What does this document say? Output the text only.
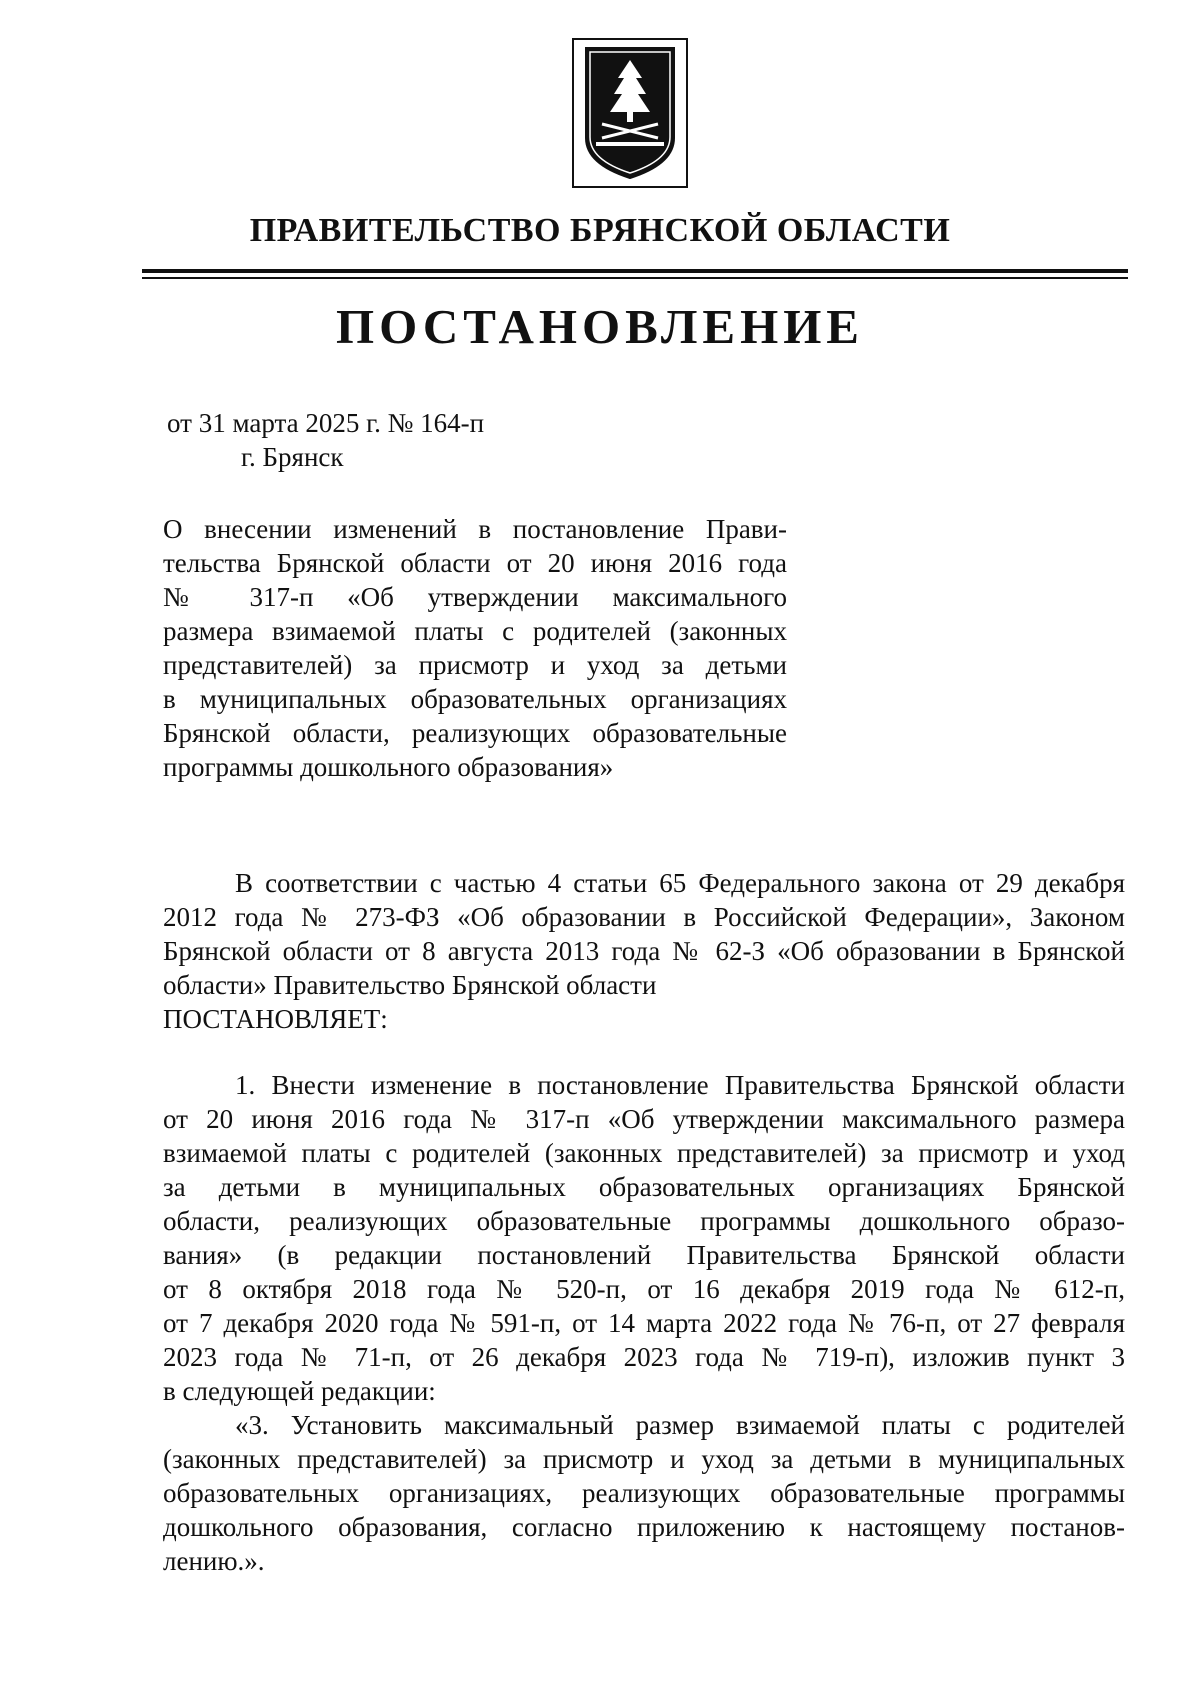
ПРАВИТЕЛЬСТВО БРЯНСКОЙ ОБЛАСТИ
ПОСТАНОВЛЕНИЕ
от 31 марта 2025 г. № 164-п
г. Брянск
О внесении изменений в постановление Прави-
тельства Брянской области от 20 июня 2016 года
№ 317-п «Об утверждении максимального
размера взимаемой платы с родителей (законных
представителей) за присмотр и уход за детьми
в муниципальных образовательных организациях
Брянской области, реализующих образовательные
программы дошкольного образования»
В соответствии с частью 4 статьи 65 Федерального закона от 29 декабря
2012 года № 273-ФЗ «Об образовании в Российской Федерации», Законом
Брянской области от 8 августа 2013 года № 62-З «Об образовании в Брянской
области» Правительство Брянской области
ПОСТАНОВЛЯЕТ:
1. Внести изменение в постановление Правительства Брянской области
от 20 июня 2016 года № 317-п «Об утверждении максимального размера
взимаемой платы с родителей (законных представителей) за присмотр и уход
за детьми в муниципальных образовательных организациях Брянской
области, реализующих образовательные программы дошкольного образо-
вания» (в редакции постановлений Правительства Брянской области
от 8 октября 2018 года № 520-п, от 16 декабря 2019 года № 612-п,
от 7 декабря 2020 года № 591-п, от 14 марта 2022 года № 76-п, от 27 февраля
2023 года № 71-п, от 26 декабря 2023 года № 719-п), изложив пункт 3
в следующей редакции:
«3. Установить максимальный размер взимаемой платы с родителей
(законных представителей) за присмотр и уход за детьми в муниципальных
образовательных организациях, реализующих образовательные программы
дошкольного образования, согласно приложению к настоящему постанов-
лению.».
